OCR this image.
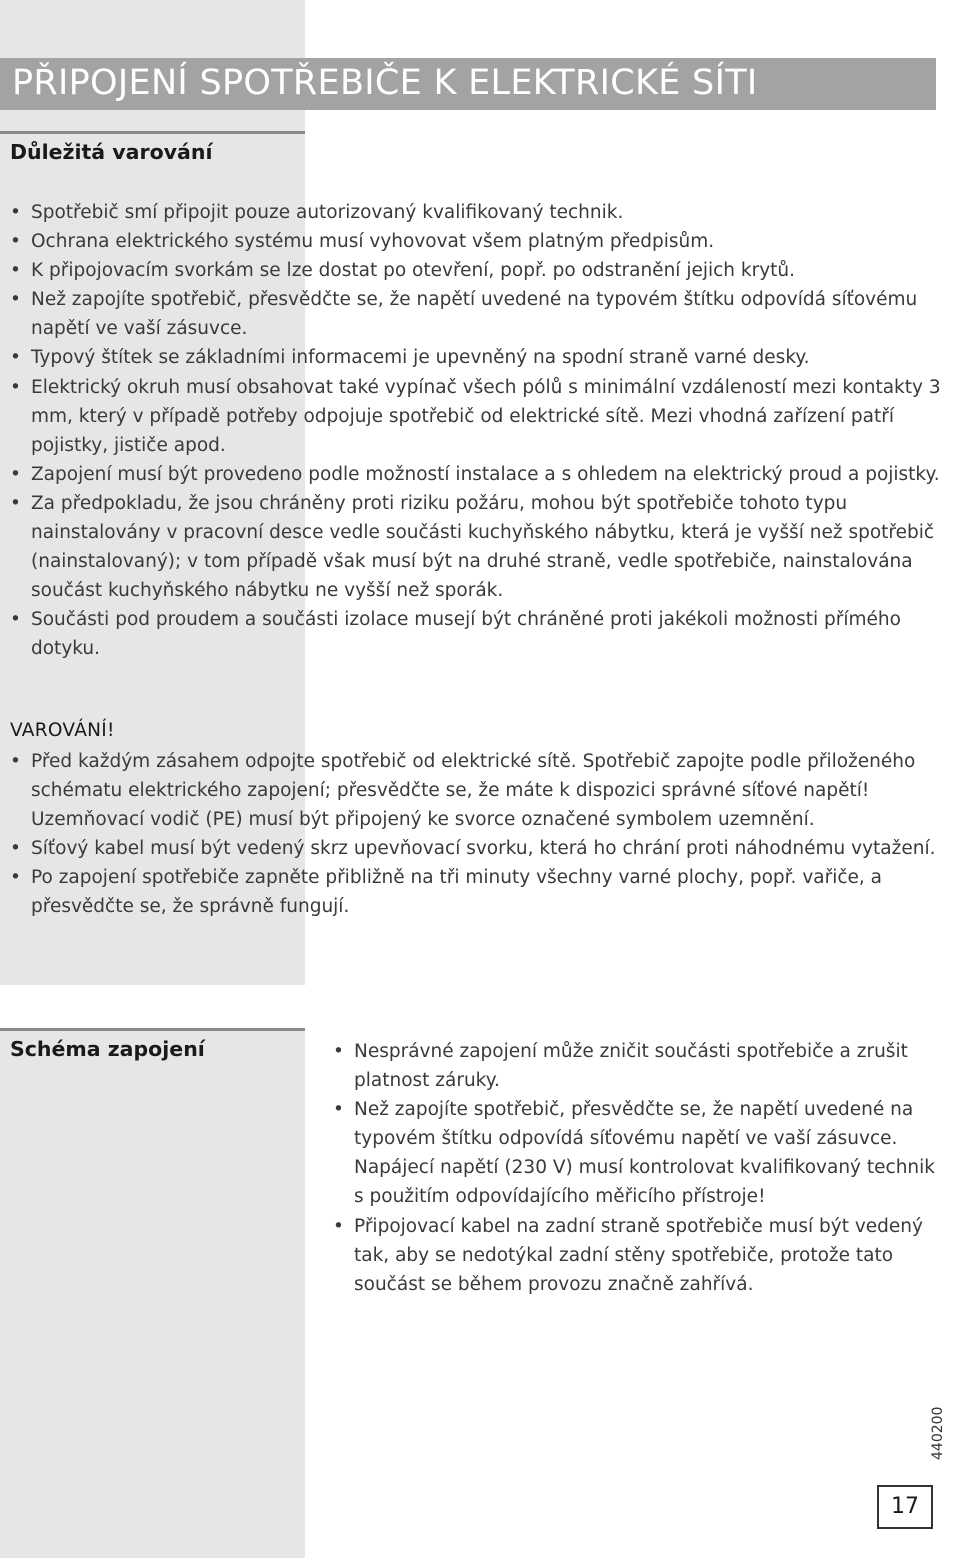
PŘIPOJENÍ SPOTŘEBIČE K ELEKTRICKÉ SÍTI
Důležitá varování
• Spotřebič smí připojit pouze autorizovaný kvalifikovaný technik.
• Ochrana elektrického systému musí vyhovovat všem platným předpisům.
• K připojovacím svorkám se lze dostat po otevření, popř. po odstranění jejich krytů.
• Než zapojíte spotřebič, přesvědčte se, že napětí uvedené na typovém štítku odpovídá síťovému napětí ve vaší zásuvce.
• Typový štítek se základními informacemi je upevněný na spodní straně varné desky.
• Elektrický okruh musí obsahovat také vypínač všech pólů s minimální vzdáleností mezi kontakty 3 mm, který v případě potřeby odpojuje spotřebič od elektrické sítě. Mezi vhodná zařízení patří pojistky, jističe apod.
• Zapojení musí být provedeno podle možností instalace a s ohledem na elektrický proud a pojistky.
• Za předpokladu, že jsou chráněny proti riziku požáru, mohou být spotřebiče tohoto typu nainstalovány v pracovní desce vedle součásti kuchyňského nábytku, která je vyšší než spotřebič (nainstalovaný); v tom případě však musí být na druhé straně, vedle spotřebiče, nainstalována součást kuchyňského nábytku ne vyšší než sporák.
• Součásti pod proudem a součásti izolace musejí být chráněné proti jakékoli možnosti přímého dotyku.
VAROVÁNÍ!
• Před každým zásahem odpojte spotřebič od elektrické sítě. Spotřebič zapojte podle přiloženého schématu elektrického zapojení; přesvědčte se, že máte k dispozici správné síťové napětí! Uzemňovací vodič (PE) musí být připojený ke svorce označené symbolem uzemnění.
• Síťový kabel musí být vedený skrz upevňovací svorku, která ho chrání proti náhodnému vytažení.
• Po zapojení spotřebiče zapněte přibližně na tři minuty všechny varné plochy, popř. vařiče, a přesvědčte se, že správně fungují.
Schéma zapojení
•	Nesprávné zapojení může zničit součásti spotřebiče a zrušit platnost záruky.
• Než zapojíte spotřebič, přesvědčte se, že napětí uvedené na typovém štítku odpovídá síťovému napětí ve vaší zásuvce. Napájecí napětí (230 V) musí kontrolovat kvalifikovaný technik s použitím odpovídajícího měřicího přístroje!
• Připojovací kabel na zadní straně spotřebiče musí být vedený tak, aby se nedotýkal zadní stěny spotřebiče, protože tato součást se během provozu značně zahřívá.
440200
17
